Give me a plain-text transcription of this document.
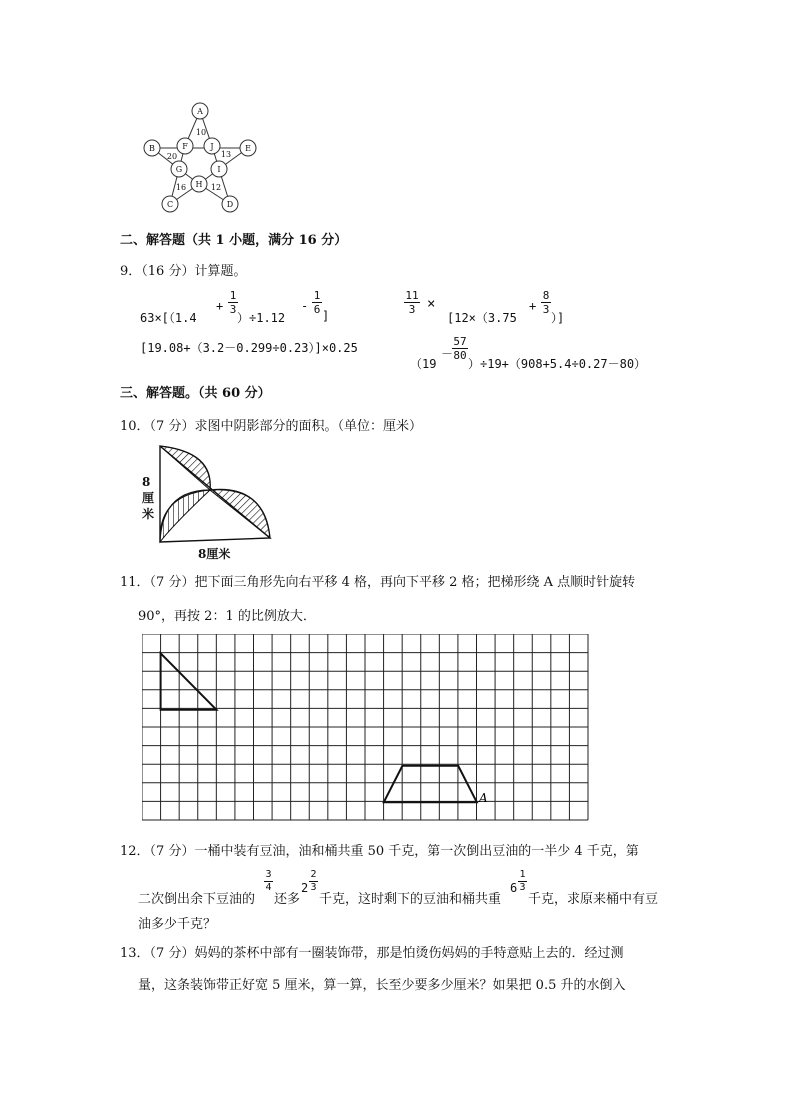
A
B	E
F	J
G	I
H
C	D
10
20	13
16	12
二、解答题（共 1 小题，满分 16 分）
9．（16 分）计算题。
63×[（1.4
+
1
3
）÷1.12
-
1
6 ]
11
3 ×
[12×（3.75
+
8
3
）]
[19.08+（3.2－0.299÷0.23）]×0.25
（19
－
57
80
）÷19+（908+5.4÷0.27－80）
三、解答题。（共 60 分）
10．（7 分）求图中阴影部分的面积。（单位：厘米）
8 厘 米
8厘米
11．（7 分）把下面三角形先向右平移 4 格，再向下平移 2 格；把梯形绕 A 点顺时针旋转
90°，再按 2：1 的比例放大．
A
12．（7 分）一桶中装有豆油，油和桶共重 50 千克，第一次倒出豆油的一半少 4 千克，第
二次倒出余下豆油的
3
4
还多
2
2
3
千克，这时剩下的豆油和桶共重
6
1
3
千克，求原来桶中有豆
油多少千克？
13．（7 分）妈妈的茶杯中部有一圈装饰带，那是怕烫伤妈妈的手特意贴上去的．经过测
量，这条装饰带正好宽 5 厘米，算一算，长至少要多少厘米？如果把 0.5 升的水倒入
